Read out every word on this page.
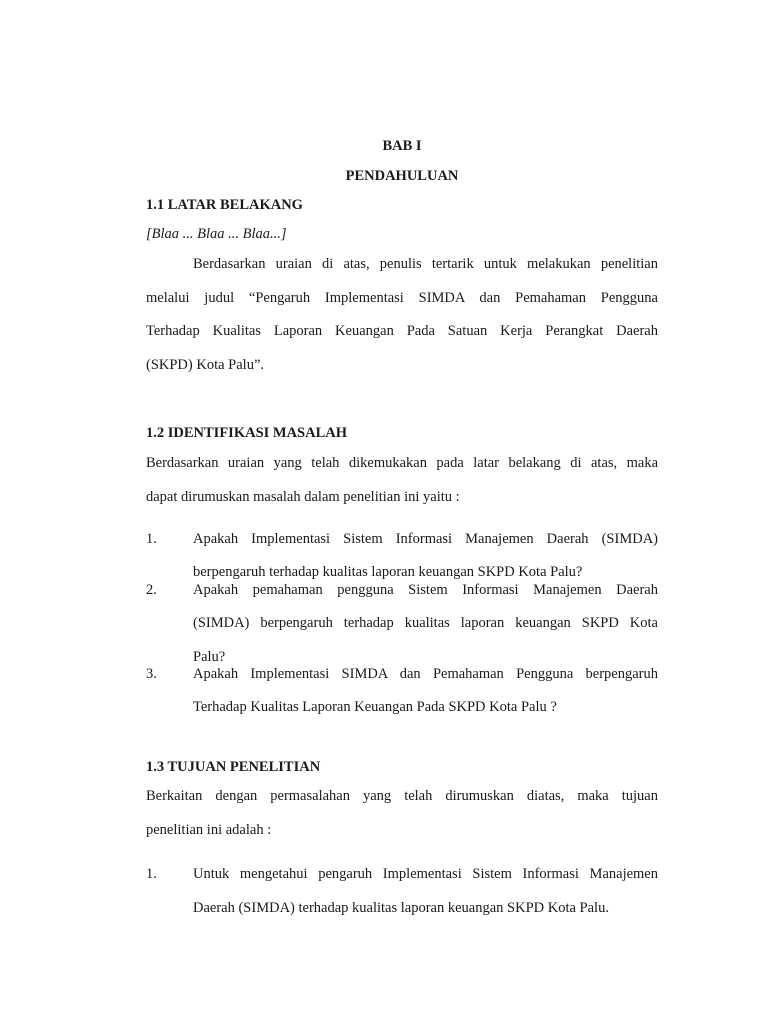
BAB I

PENDAHULUAN

1.1 LATAR BELAKANG

[Blaa ... Blaa ... Blaa...]

Berdasarkan uraian di atas, penulis tertarik untuk melakukan penelitian

melalui judul “Pengaruh Implementasi SIMDA dan Pemahaman Pengguna

Terhadap Kualitas Laporan Keuangan Pada Satuan Kerja Perangkat Daerah

(SKPD) Kota Palu”.

1.2 IDENTIFIKASI MASALAH

Berdasarkan uraian yang telah dikemukakan pada latar belakang di atas, maka

dapat dirumuskan masalah dalam penelitian ini yaitu :

1. Apakah Implementasi Sistem Informasi Manajemen Daerah (SIMDA)

berpengaruh terhadap kualitas laporan keuangan SKPD Kota Palu?

2. Apakah pemahaman pengguna Sistem Informasi Manajemen Daerah

(SIMDA) berpengaruh terhadap kualitas laporan keuangan SKPD Kota

Palu?

3. Apakah Implementasi SIMDA dan Pemahaman Pengguna berpengaruh

Terhadap Kualitas Laporan Keuangan Pada SKPD Kota Palu ?

1.3 TUJUAN PENELITIAN

Berkaitan dengan permasalahan yang telah dirumuskan diatas, maka tujuan

penelitian ini adalah :

1. Untuk mengetahui pengaruh Implementasi Sistem Informasi Manajemen

Daerah (SIMDA) terhadap kualitas laporan keuangan SKPD Kota Palu.
